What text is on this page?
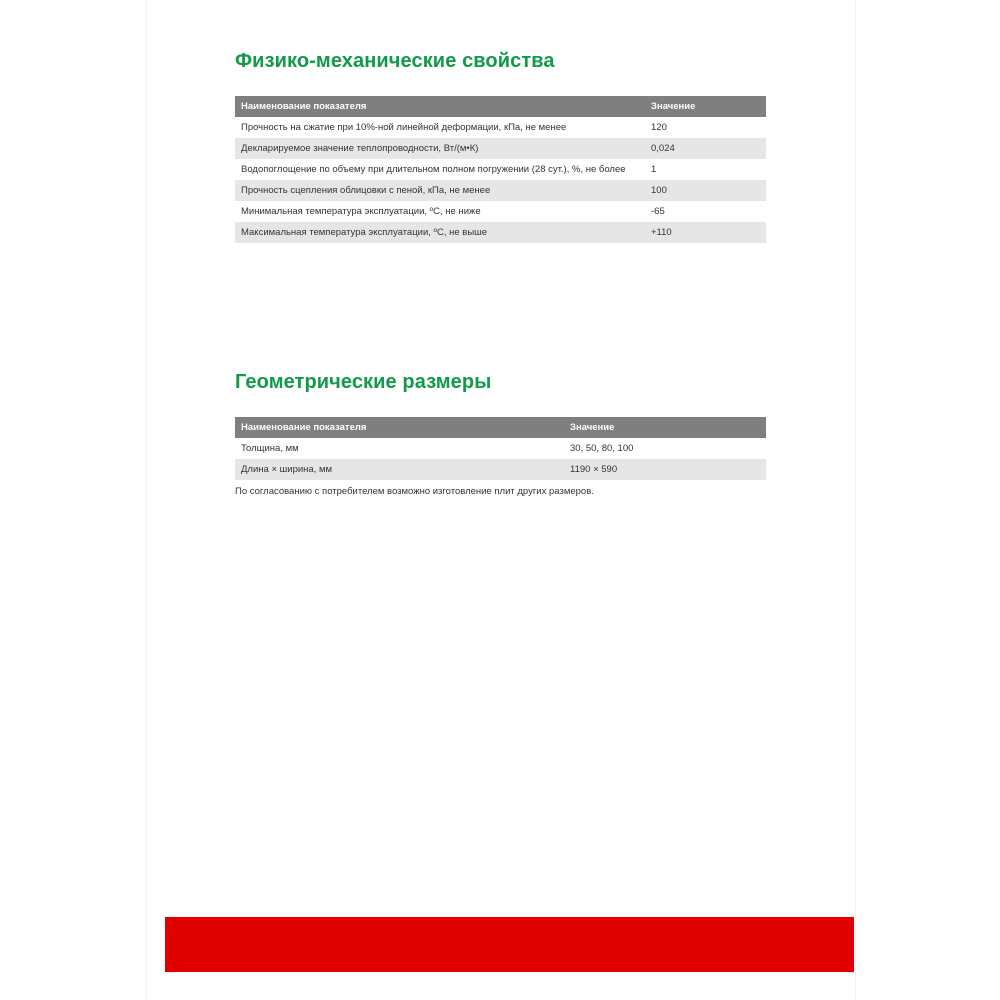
Физико-механические свойства
Наименование показателя	Значение
Прочность на сжатие при 10%-ной линейной деформации, кПа, не менее	120
Декларируемое значение теплопроводности, Вт/(м•К)	0,024
Водопоглощение по объему при длительном полном погружении (28 сут.), %, не более	1
Прочность сцепления облицовки с пеной, кПа, не менее	100
Минимальная температура эксплуатации, ºС, не ниже	-65
Максимальная температура эксплуатации, ºС, не выше	+110
Геометрические размеры
Наименование показателя	Значение
Толщина, мм	30, 50, 80, 100
Длина × ширина, мм	1190 × 590
По согласованию с потребителем возможно изготовление плит других размеров.
